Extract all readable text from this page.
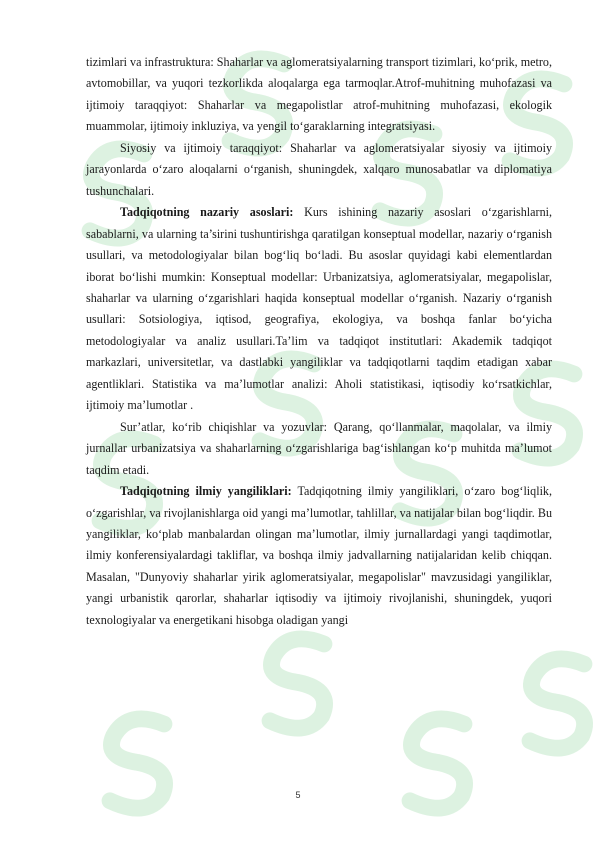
tizimlari va infrastruktura: Shaharlar va aglomeratsiyalarning transport tizimlari, ko‘prik, metro, avtomobillar, va yuqori tezkorlikda aloqalarga ega tarmoqlar.Atrof-muhitning muhofazasi va ijtimoiy taraqqiyot: Shaharlar va megapolistlar atrof-muhitning muhofazasi, ekologik muammolar, ijtimoiy inkluziya, va yengil to‘garaklarning integratsiyasi.

Siyosiy va ijtimoiy taraqqiyot: Shaharlar va aglomeratsiyalar siyosiy va ijtimoiy jarayonlarda o‘zaro aloqalarni o‘rganish, shuningdek, xalqaro munosabatlar va diplomatiya tushunchalari.

Tadqiqotning nazariy asoslari: Kurs ishining nazariy asoslari o‘zgarishlarni, sabablarni, va ularning ta’sirini tushuntirishga qaratilgan konseptual modellar, nazariy o‘rganish usullari, va metodologiyalar bilan bog‘liq bo‘ladi. Bu asoslar quyidagi kabi elementlardan iborat bo‘lishi mumkin: Konseptual modellar: Urbanizatsiya, aglomeratsiyalar, megapolislar, shaharlar va ularning o‘zgarishlari haqida konseptual modellar o‘rganish. Nazariy o‘rganish usullari: Sotsiologiya, iqtisod, geografiya, ekologiya, va boshqa fanlar bo‘yicha metodologiyalar va analiz usullari.Ta’lim va tadqiqot institutlari: Akademik tadqiqot markazlari, universitetlar, va dastlabki yangiliklar va tadqiqotlarni taqdim etadigan xabar agentliklari. Statistika va ma’lumotlar analizi: Aholi statistikasi, iqtisodiy ko‘rsatkichlar, ijtimoiy ma’lumotlar .

Sur’atlar, ko‘rib chiqishlar va yozuvlar: Qarang, qo‘llanmalar, maqolalar, va ilmiy jurnallar urbanizatsiya va shaharlarning o‘zgarishlariga bag‘ishlangan ko‘p muhitda ma’lumot taqdim etadi.

Tadqiqotning ilmiy yangiliklari: Tadqiqotning ilmiy yangiliklari, o‘zaro bog‘liqlik, o‘zgarishlar, va rivojlanishlarga oid yangi ma’lumotlar, tahlillar, va natijalar bilan bog‘liqdir. Bu yangiliklar, ko‘plab manbalardan olingan ma’lumotlar, ilmiy jurnallardagi yangi taqdimotlar, ilmiy konferensiyalardagi takliflar, va boshqa ilmiy jadvallarning natijalaridan kelib chiqqan. Masalan, "Dunyoviy shaharlar yirik aglomeratsiyalar, megapolislar" mavzusidagi yangiliklar, yangi urbanistik qarorlar, shaharlar iqtisodiy va ijtimoiy rivojlanishi, shuningdek, yuqori texnologiyalar va energetikani hisobga oladigan yangi

5
